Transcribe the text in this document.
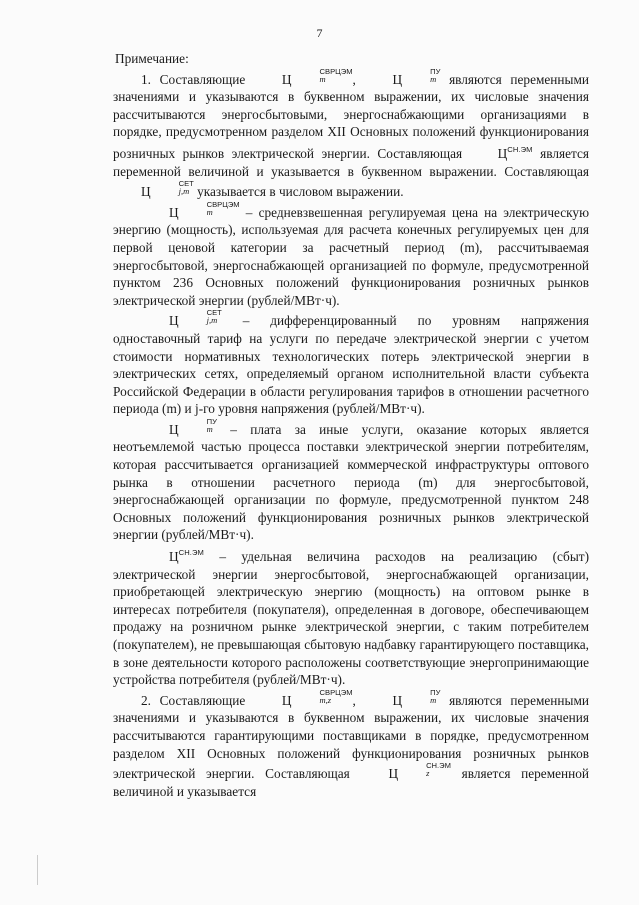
7

Примечание:

1. Составляющие	Ц
СВРЦЭМ
m	,	Ц
ПУ
m являются переменными значениями и указываются в буквенном выражении, их числовые значения рассчитываются энергосбытовыми, энергоснабжающими организациями в порядке, предусмотренном разделом XII Основных положений функционирования розничных рынков электрической энергии. Составляющая	$Ц^{СН.ЭМ}$ является переменной величиной и указывается в буквенном выражении. Составляющая Ц
СЕТ
j,m указывается в числовом выражении.

Ц
СВРЦЭМ
m	– средневзвешенная регулируемая цена на электрическую энергию (мощность), используемая для расчета конечных регулируемых цен для первой ценовой категории за расчетный период (m), рассчитываемая энергосбытовой, энергоснабжающей организацией по формуле, предусмотренной пунктом 236 Основных положений функционирования розничных рынков электрической энергии (рублей/МВт·ч).

Ц
СЕТ
j,m	– дифференцированный по уровням напряжения одноставочный тариф на услуги по передаче электрической энергии с учетом стоимости нормативных технологических потерь электрической энергии в электрических сетях, определяемый органом исполнительной власти субъекта Российской Федерации в области регулирования тарифов в отношении расчетного периода (m) и j-го уровня напряжения (рублей/МВт·ч).

Ц
ПУ
m	– плата за иные услуги, оказание которых является неотъемлемой частью процесса поставки электрической энергии потребителям, которая рассчитывается организацией коммерческой инфраструктуры оптового рынка в отношении расчетного периода (m) для энергосбытовой, энергоснабжающей организации по формуле, предусмотренной пунктом 248 Основных положений функционирования розничных рынков электрической энергии (рублей/МВт·ч).

$Ц^{СН.ЭМ}$ – удельная величина расходов на реализацию (сбыт) электрической энергии энергосбытовой, энергоснабжающей организации, приобретающей электрическую энергию (мощность) на оптовом рынке в интересах потребителя (покупателя), определенная в договоре, обеспечивающем продажу на розничном рынке электрической энергии, с таким потребителем (покупателем), не превышающая сбытовую надбавку гарантирующего поставщика, в зоне деятельности которого расположены соответствующие энергопринимающие устройства потребителя (рублей/МВт·ч).

2. Составляющие	Ц
СВРЦЭМ
m,z	,	Ц
ПУ
m являются переменными значениями и указываются в буквенном выражении, их числовые значения рассчитываются гарантирующими поставщиками в порядке, предусмотренном разделом XII Основных положений функционирования розничных рынков электрической энергии. Составляющая	Ц
СН.ЭМ
z	является переменной величиной и указывается
